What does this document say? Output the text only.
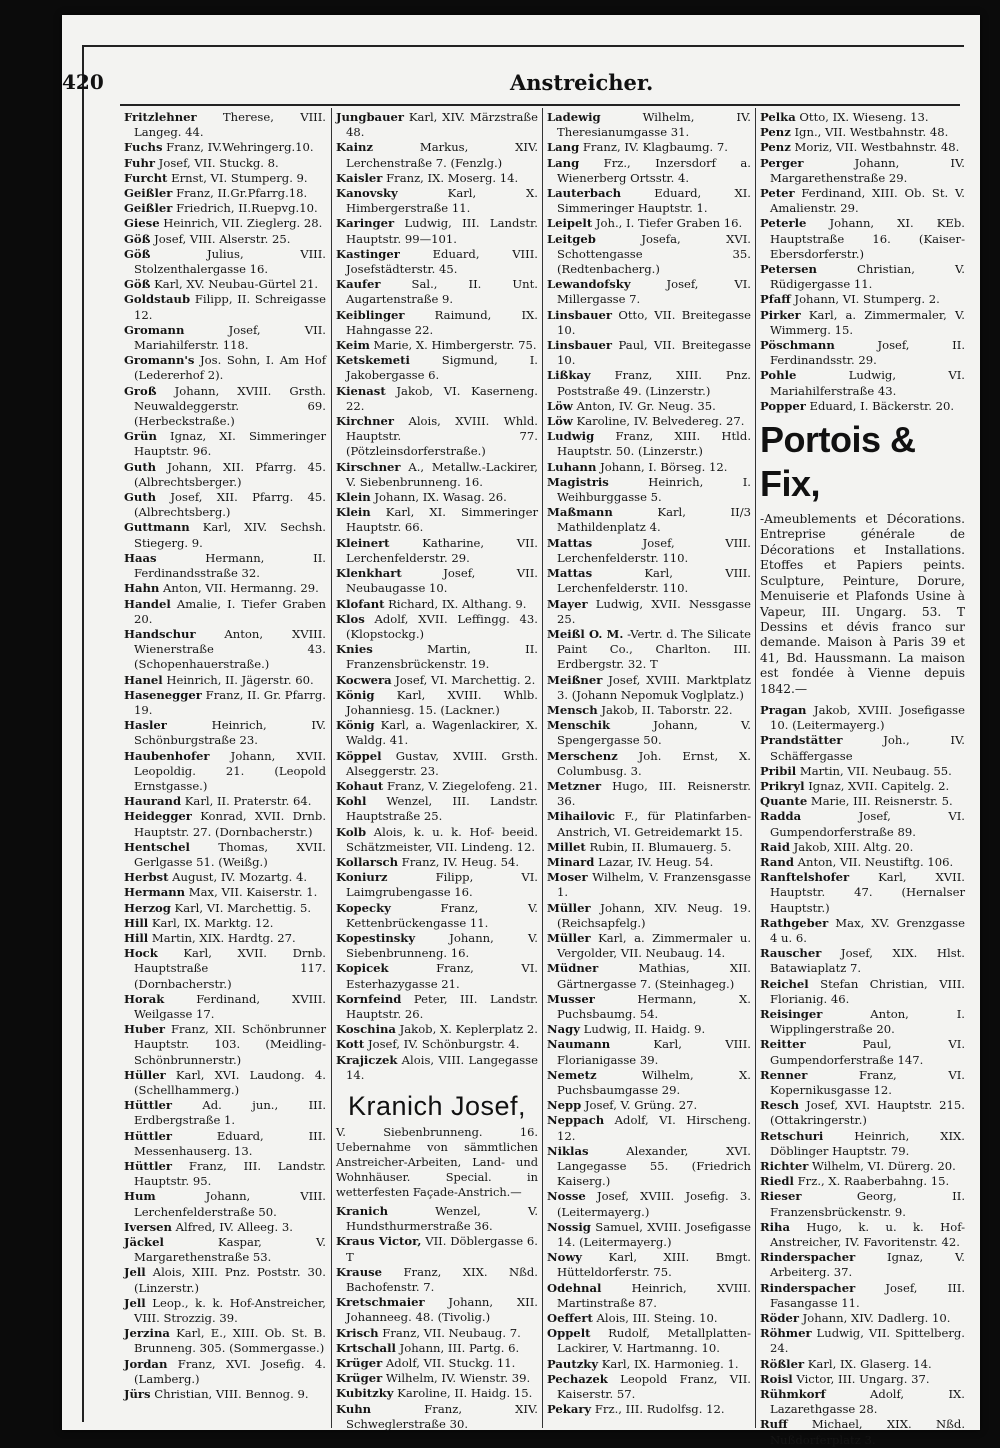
420	Anstreicher.

Fritzlehner Therese, VIII. Langeg. 44.

Fuchs Franz, IV.Wehringerg.10.

Fuhr Josef, VII. Stuckg. 8.

Furcht Ernst, VI. Stumperg. 9.

Geißler Franz, II.Gr.Pfarrg.18.

Geißler Friedrich, II.Ruepvg.10.

Giese Heinrich, VII. Zieglerg. 28.

Göß Josef, VIII. Alserstr. 25.

Göß Julius, VIII. Stolzenthalergasse 16.

Göß Karl, XV. Neubau-Gürtel 21.

Goldstaub Filipp, II. Schreigasse 12.

Gromann Josef, VII. Mariahilferstr. 118.

Gromann's Jos. Sohn, I. Am Hof (Ledererhof 2).

Groß Johann, XVIII. Grsth. Neuwaldeggerstr. 69. (Herbeckstraße.)

Grün Ignaz, XI. Simmeringer Hauptstr. 96.

Guth Johann, XII. Pfarrg. 45. (Albrechtsberger.)

Guth Josef, XII. Pfarrg. 45. (Albrechtsberg.)

Guttmann Karl, XIV. Sechsh. Stiegerg. 9.

Haas Hermann, II. Ferdinandsstraße 32.

Hahn Anton, VII. Hermanng. 29.

Handel Amalie, I. Tiefer Graben 20.

Handschur Anton, XVIII. Wienerstraße 43. (Schopenhauerstraße.)

Hanel Heinrich, II. Jägerstr. 60.

Hasenegger Franz, II. Gr. Pfarrg. 19.

Hasler Heinrich, IV. Schönburgstraße 23.

Haubenhofer Johann, XVII. Leopoldig. 21. (Leopold Ernstgasse.)

Haurand Karl, II. Praterstr. 64.

Heidegger Konrad, XVII. Drnb. Hauptstr. 27. (Dornbacherstr.)

Hentschel Thomas, XVII. Gerlgasse 51. (Weißg.)

Herbst August, IV. Mozartg. 4.

Hermann Max, VII. Kaiserstr. 1.

Herzog Karl, VI. Marchettig. 5.

Hill Karl, IX. Marktg. 12.

Hill Martin, XIX. Hardtg. 27.

Hock Karl, XVII. Drnb. Hauptstraße 117. (Dornbacherstr.)

Horak Ferdinand, XVIII. Weilgasse 17.

Huber Franz, XII. Schönbrunner Hauptstr. 103. (Meidling-Schönbrunnerstr.)

Hüller Karl, XVI. Laudong. 4. (Schellhammerg.)

Hüttler Ad. jun., III. Erdbergstraße 1.

Hüttler Eduard, III. Messenhauserg. 13.

Hüttler Franz, III. Landstr. Hauptstr. 95.

Hum Johann, VIII. Lerchenfelderstraße 50.

Iversen Alfred, IV. Alleeg. 3.

Jäckel Kaspar, V. Margarethenstraße 53.

Jell Alois, XIII. Pnz. Poststr. 30. (Linzerstr.)

Jell Leop., k. k. Hof-Anstreicher, VIII. Strozzig. 39.

Jerzina Karl, E., XIII. Ob. St. B. Brunneng. 305. (Sommergasse.)

Jordan Franz, XVI. Josefig. 4. (Lamberg.)

Jürs Christian, VIII. Bennog. 9.

Jungbauer Karl, XIV. Märzstraße 48.

Kainz Markus, XIV. Lerchenstraße 7. (Fenzlg.)

Kaisler Franz, IX. Moserg. 14.

Kanovsky Karl, X. Himbergerstraße 11.

Karinger Ludwig, III. Landstr. Hauptstr. 99—101.

Kastinger Eduard, VIII. Josefstädterstr. 45.

Kaufer Sal., II. Unt. Augartenstraße 9.

Keiblinger Raimund, IX. Hahngasse 22.

Keim Marie, X. Himbergerstr. 75.

Ketskemeti Sigmund, I. Jakobergasse 6.

Kienast Jakob, VI. Kaserneng. 22.

Kirchner Alois, XVIII. Whld. Hauptstr. 77. (Pötzleinsdorferstraße.)

Kirschner A., Metallw.-Lackirer, V. Siebenbrunneng. 16.

Klein Johann, IX. Wasag. 26.

Klein Karl, XI. Simmeringer Hauptstr. 66.

Kleinert Katharine, VII. Lerchenfelderstr. 29.

Klenkhart Josef, VII. Neubaugasse 10.

Klofant Richard, IX. Althang. 9.

Klos Adolf, XVII. Leffingg. 43. (Klopstockg.)

Knies Martin, II. Franzensbrückenstr. 19.

Kocwera Josef, VI. Marchettig. 2.

König Karl, XVIII. Whlb. Johanniesg. 15. (Lackner.)

König Karl, a. Wagenlackirer, X. Waldg. 41.

Köppel Gustav, XVIII. Grsth. Alseggerstr. 23.

Kohaut Franz, V. Ziegelofeng. 21.

Kohl Wenzel, III. Landstr. Hauptstraße 25.

Kolb Alois, k. u. k. Hof- beeid. Schätzmeister, VII. Lindeng. 12.

Kollarsch Franz, IV. Heug. 54.

Koniurz Filipp, VI. Laimgrubengasse 16.

Kopecky Franz, V. Kettenbrückengasse 11.

Kopestinsky Johann, V. Siebenbrunneng. 16.

Kopicek Franz, VI. Esterhazygasse 21.

Kornfeind Peter, III. Landstr. Hauptstr. 26.

Koschina Jakob, X. Keplerplatz 2.

Kott Josef, IV. Schönburgstr. 4.

Krajiczek Alois, VIII. Langegasse 14.

Kranich Josef,

V. Siebenbrunneng. 16. Uebernahme von sämmtlichen Anstreicher-Arbeiten, Land- und Wohnhäuser. Special. in wetterfesten Façade-Anstrich.—

Kranich Wenzel, V. Hundsthurmerstraße 36.

Kraus Victor, VII. Döblergasse 6. T

Krause Franz, XIX. Nßd. Bachofenstr. 7.

Kretschmaier Johann, XII. Johanneeg. 48. (Tivolig.)

Krisch Franz, VII. Neubaug. 7.

Krtschall Johann, III. Partg. 6.

Krüger Adolf, VII. Stuckg. 11.

Krüger Wilhelm, IV. Wienstr. 39.

Kubitzky Karoline, II. Haidg. 15.

Kuhn Franz, XIV. Schweglerstraße 30.

Ladewig Wilhelm, IV. Theresianumgasse 31.

Lang Franz, IV. Klagbaumg. 7.

Lang Frz., Inzersdorf a. Wienerberg Ortsstr. 4.

Lauterbach Eduard, XI. Simmeringer Hauptstr. 1.

Leipelt Joh., I. Tiefer Graben 16.

Leitgeb Josefa, XVI. Schottengasse 35. (Redtenbacherg.)

Lewandofsky Josef, VI. Millergasse 7.

Linsbauer Otto, VII. Breitegasse 10.

Linsbauer Paul, VII. Breitegasse 10.

Lißkay Franz, XIII. Pnz. Poststraße 49. (Linzerstr.)

Löw Anton, IV. Gr. Neug. 35.

Löw Karoline, IV. Belvedereg. 27.

Ludwig Franz, XIII. Htld. Hauptstr. 50. (Linzerstr.)

Luhann Johann, I. Börseg. 12.

Magistris Heinrich, I. Weihburggasse 5.

Maßmann Karl, II/3 Mathildenplatz 4.

Mattas Josef, VIII. Lerchenfelderstr. 110.

Mattas Karl, VIII. Lerchenfelderstr. 110.

Mayer Ludwig, XVII. Nessgasse 25.

Meißl O. M. -Vertr. d. The Silicate Paint Co., Charlton. III. Erdbergstr. 32. T

Meißner Josef, XVIII. Marktplatz 3. (Johann Nepomuk Voglplatz.)

Mensch Jakob, II. Taborstr. 22.

Menschik Johann, V. Spengergasse 50.

Merschenz Joh. Ernst, X. Columbusg. 3.

Metzner Hugo, III. Reisnerstr. 36.

Mihailovic F., für Platinfarben-Anstrich, VI. Getreidemarkt 15.

Millet Rubin, II. Blumauerg. 5.

Minard Lazar, IV. Heug. 54.

Moser Wilhelm, V. Franzensgasse 1.

Müller Johann, XIV. Neug. 19. (Reichsapfelg.)

Müller Karl, a. Zimmermaler u. Vergolder, VII. Neubaug. 14.

Müdner Mathias, XII. Gärtnergasse 7. (Steinhageg.)

Musser Hermann, X. Puchsbaumg. 54.

Nagy Ludwig, II. Haidg. 9.

Naumann Karl, VIII. Florianigasse 39.

Nemetz Wilhelm, X. Puchsbaumgasse 29.

Nepp Josef, V. Grüng. 27.

Neppach Adolf, VI. Hirscheng. 12.

Niklas Alexander, XVI. Langegasse 55. (Friedrich Kaiserg.)

Nosse Josef, XVIII. Josefig. 3. (Leitermayerg.)

Nossig Samuel, XVIII. Josefigasse 14. (Leitermayerg.)

Nowy Karl, XIII. Bmgt. Hütteldorferstr. 75.

Odehnal Heinrich, XVIII. Martinstraße 87.

Oeffert Alois, III. Steing. 10.

Oppelt Rudolf, Metallplatten-Lackirer, V. Hartmanng. 10.

Pautzky Karl, IX. Harmonieg. 1.

Pechazek Leopold Franz, VII. Kaiserstr. 57.

Pekary Frz., III. Rudolfsg. 12.

Pelka Otto, IX. Wieseng. 13.

Penz Ign., VII. Westbahnstr. 48.

Penz Moriz, VII. Westbahnstr. 48.

Perger Johann, IV. Margarethenstraße 29.

Peter Ferdinand, XIII. Ob. St. V. Amalienstr. 29.

Peterle Johann, XI. KEb. Hauptstraße 16. (Kaiser-Ebersdorferstr.)

Petersen Christian, V. Rüdigergasse 11.

Pfaff Johann, VI. Stumperg. 2.

Pirker Karl, a. Zimmermaler, V. Wimmerg. 15.

Pöschmann Josef, II. Ferdinandsstr. 29.

Pohle Ludwig, VI. Mariahilferstraße 43.

Popper Eduard, I. Bäckerstr. 20.

Portois & Fix,

-Ameublements et Décorations. Entreprise générale de Décorations et Installations. Etoffes et Papiers peints. Sculpture, Peinture, Dorure, Menuiserie et Plafonds Usine à Vapeur, III. Ungarg. 53. T Dessins et dévis franco sur demande. Maison à Paris 39 et 41, Bd. Haussmann. La maison est fondée à Vienne depuis 1842.—

Pragan Jakob, XVIII. Josefigasse 10. (Leitermayerg.)

Prandstätter Joh., IV. Schäffergasse

Pribil Martin, VII. Neubaug. 55.

Prikryl Ignaz, XVII. Capitelg. 2.

Quante Marie, III. Reisnerstr. 5.

Radda Josef, VI. Gumpendorferstraße 89.

Raid Jakob, XIII. Altg. 20.

Rand Anton, VII. Neustiftg. 106.

Ranftelshofer Karl, XVII. Hauptstr. 47. (Hernalser Hauptstr.)

Rathgeber Max, XV. Grenzgasse 4 u. 6.

Rauscher Josef, XIX. Hlst. Batawiaplatz 7.

Reichel Stefan Christian, VIII. Florianig. 46.

Reisinger Anton, I. Wipplingerstraße 20.

Reitter Paul, VI. Gumpendorferstraße 147.

Renner Franz, VI. Kopernikusgasse 12.

Resch Josef, XVI. Hauptstr. 215. (Ottakringerstr.)

Retschuri Heinrich, XIX. Döblinger Hauptstr. 79.

Richter Wilhelm, VI. Dürerg. 20.

Riedl Frz., X. Raaberbahng. 15.

Rieser Georg, II. Franzensbrückenstr. 9.

Riha Hugo, k. u. k. Hof-Anstreicher, IV. Favoritenstr. 42.

Rinderspacher Ignaz, V. Arbeiterg. 37.

Rinderspacher Josef, III. Fasangasse 11.

Röder Johann, XIV. Dadlerg. 10.

Röhmer Ludwig, VII. Spittelberg. 24.

Rößler Karl, IX. Glaserg. 14.

Roisl Victor, III. Ungarg. 37.

Rühmkorf Adolf, IX. Lazarethgasse 28.

Ruff Michael, XIX. Nßd. Nußdorferplatz 3.
